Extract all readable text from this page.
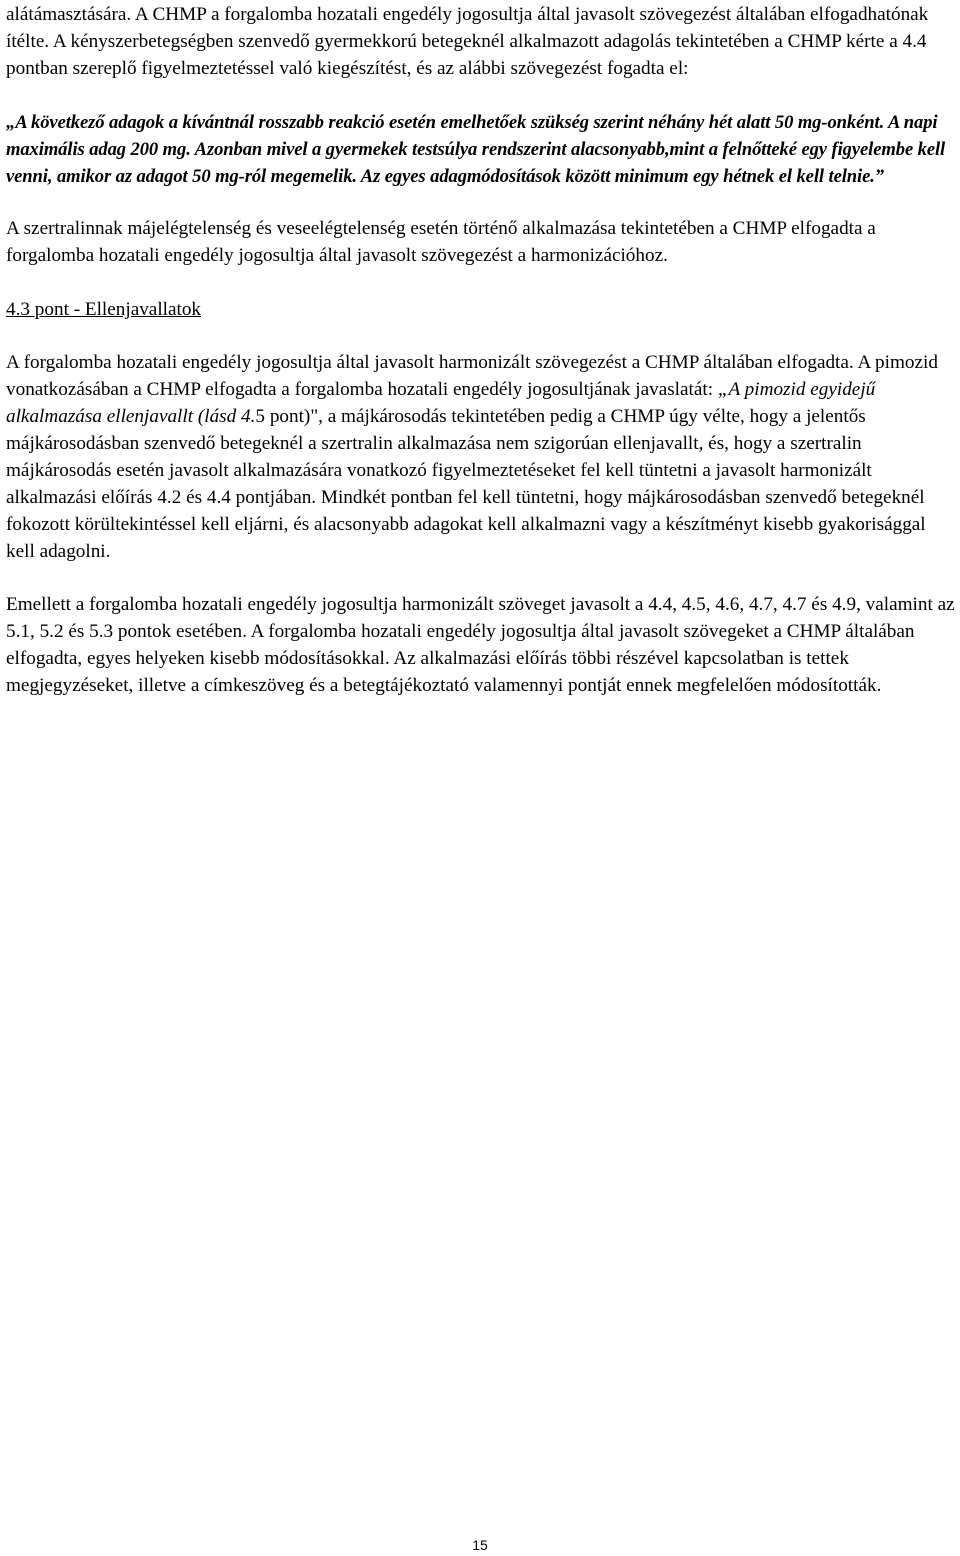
alátámasztására. A CHMP a forgalomba hozatali engedély jogosultja által javasolt szövegezést általában elfogadhatónak ítélte. A kényszerbetegségben szenvedő gyermekkorú betegeknél alkalmazott adagolás tekintetében a CHMP kérte a 4.4 pontban szereplő figyelmeztetéssel való kiegészítést, és az alábbi szövegezést fogadta el:

„A következő adagok a kívántnál rosszabb reakció esetén emelhetőek szükség szerint néhány hét alatt 50 mg-onként. A napi maximális adag 200 mg. Azonban mivel a gyermekek testsúlya rendszerint alacsonyabb,mint a felnőtteké egy figyelembe kell venni, amikor az adagot 50 mg-ról megemelik. Az egyes adagmódosítások között minimum egy hétnek el kell telnie.”

A szertralinnak májelégtelenség és veseelégtelenség esetén történő alkalmazása tekintetében a CHMP elfogadta a forgalomba hozatali engedély jogosultja által javasolt szövegezést a harmonizációhoz.

4.3 pont - Ellenjavallatok

A forgalomba hozatali engedély jogosultja által javasolt harmonizált szövegezést a CHMP általában elfogadta. A pimozid vonatkozásában a CHMP elfogadta a forgalomba hozatali engedély jogosultjának javaslatát: „A pimozid egyidejű alkalmazása ellenjavallt (lásd 4.5 pont)", a májkárosodás tekintetében pedig a CHMP úgy vélte, hogy a jelentős májkárosodásban szenvedő betegeknél a szertralin alkalmazása nem szigorúan ellenjavallt, és, hogy a szertralin májkárosodás esetén javasolt alkalmazására vonatkozó figyelmeztetéseket fel kell tüntetni a javasolt harmonizált alkalmazási előírás 4.2 és 4.4 pontjában. Mindkét pontban fel kell tüntetni, hogy májkárosodásban szenvedő betegeknél fokozott körültekintéssel kell eljárni, és alacsonyabb adagokat kell alkalmazni vagy a készítményt kisebb gyakorisággal kell adagolni.

Emellett a forgalomba hozatali engedély jogosultja harmonizált szöveget javasolt a 4.4, 4.5, 4.6, 4.7, 4.7 és 4.9, valamint az 5.1, 5.2 és 5.3 pontok esetében. A forgalomba hozatali engedély jogosultja által javasolt szövegeket a CHMP általában elfogadta, egyes helyeken kisebb módosításokkal. Az alkalmazási előírás többi részével kapcsolatban is tettek megjegyzéseket, illetve a címkeszöveg és a betegtájékoztató valamennyi pontját ennek megfelelően módosították.

15
